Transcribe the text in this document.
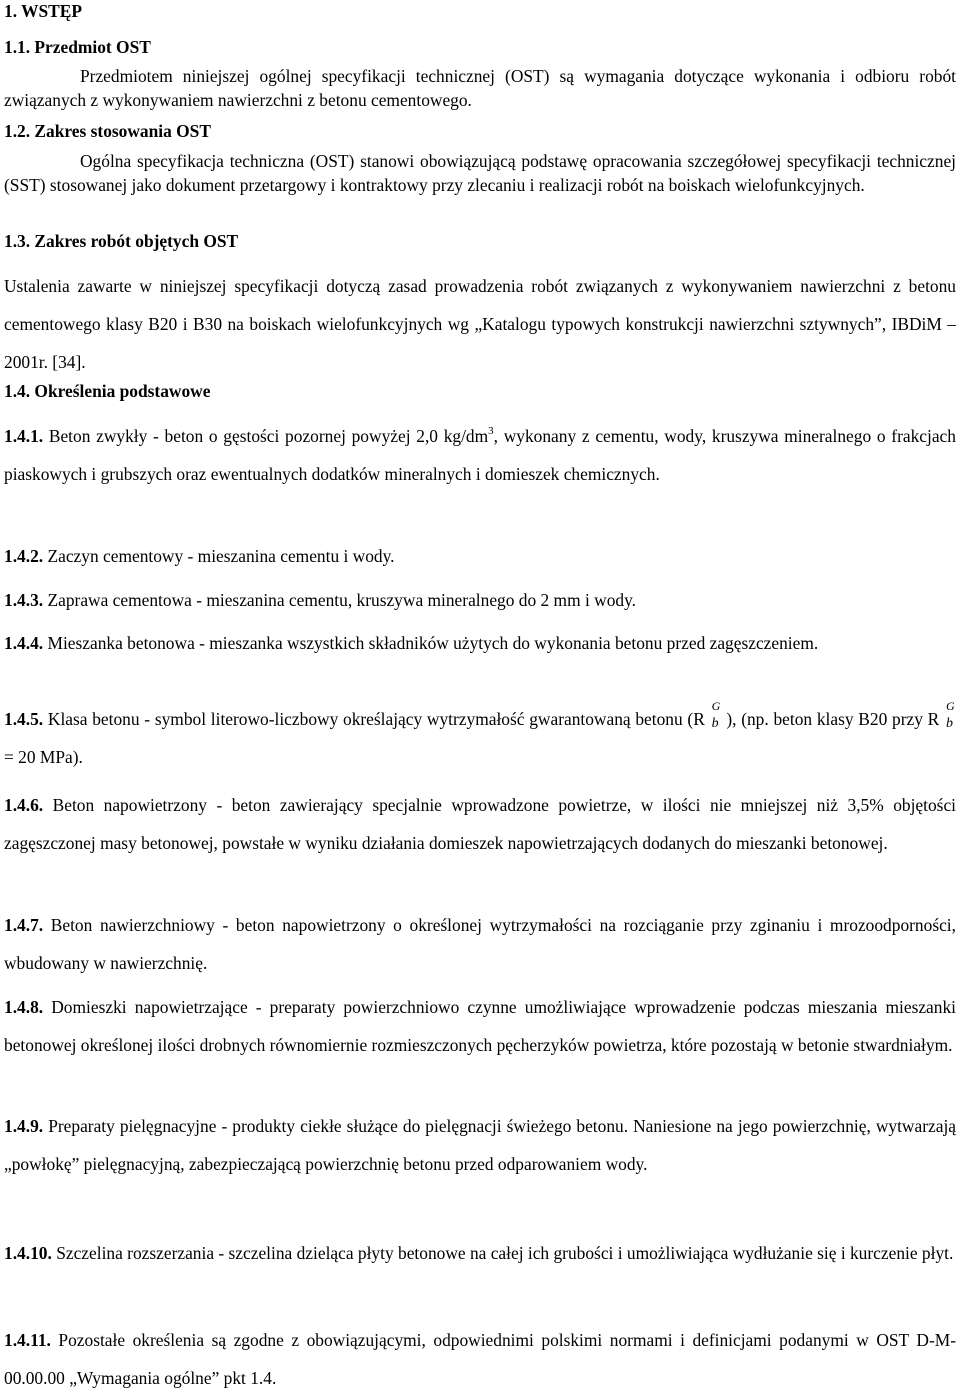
1. WSTĘP
1.1. Przedmiot OST

Przedmiotem niniejszej ogólnej specyfikacji technicznej (OST) są wymagania dotyczące wykonania i odbioru robót związanych z wykonywaniem nawierzchni z betonu cementowego.

1.2. Zakres stosowania OST

Ogólna specyfikacja techniczna (OST) stanowi obowiązującą podstawę opracowania szczegółowej specyfikacji technicznej (SST) stosowanej jako dokument przetargowy i kontraktowy przy zlecaniu i realizacji robót na boiskach wielofunkcyjnych.

1.3. Zakres robót objętych OST

Ustalenia zawarte w niniejszej specyfikacji dotyczą zasad prowadzenia robót związanych z wykonywaniem nawierzchni z betonu cementowego klasy B20 i B30 na boiskach wielofunkcyjnych wg „Katalogu typowych konstrukcji nawierzchni sztywnych”, IBDiM – 2001r. [34].

1.4. Określenia podstawowe

1.4.1. Beton zwykły - beton o gęstości pozornej powyżej 2,0 $kg/dm^3$, wykonany z cementu, wody, kruszywa mineralnego o frakcjach piaskowych i grubszych oraz ewentualnych dodatków mineralnych i domieszek chemicznych.

1.4.2. Zaczyn cementowy - mieszanina cementu i wody.

1.4.3. Zaprawa cementowa - mieszanina cementu, kruszywa mineralnego do 2 mm i wody.

1.4.4. Mieszanka betonowa - mieszanka wszystkich składników użytych do wykonania betonu przed zagęszczeniem.

1.4.5. Klasa betonu - symbol literowo-liczbowy określający wytrzymałość gwarantowaną betonu (R
G
b ), (np. beton klasy B20 przy R
G
b
= 20 MPa).

1.4.6. Beton napowietrzony - beton zawierający specjalnie wprowadzone powietrze, w ilości nie mniejszej niż 3,5% objętości zagęszczonej masy betonowej, powstałe w wyniku działania domieszek napowietrzających dodanych do mieszanki betonowej.

1.4.7. Beton nawierzchniowy - beton napowietrzony o określonej wytrzymałości na rozciąganie przy zginaniu i mrozoodporności, wbudowany w nawierzchnię.

1.4.8. Domieszki napowietrzające - preparaty powierzchniowo czynne umożliwiające wprowadzenie podczas mieszania mieszanki betonowej określonej ilości drobnych równomiernie rozmieszczonych pęcherzyków powietrza, które pozostają w betonie stwardniałym.

1.4.9. Preparaty pielęgnacyjne - produkty ciekłe służące do pielęgnacji świeżego betonu. Naniesione na jego powierzchnię, wytwarzają „powłokę” pielęgnacyjną, zabezpieczającą powierzchnię betonu przed odparowaniem wody.

1.4.10. Szczelina rozszerzania - szczelina dzieląca płyty betonowe na całej ich grubości i umożliwiająca wydłużanie się i kurczenie płyt.

1.4.11. Pozostałe określenia są zgodne z obowiązującymi, odpowiednimi polskimi normami i definicjami podanymi w OST D-M-00.00.00 „Wymagania ogólne” pkt 1.4.
